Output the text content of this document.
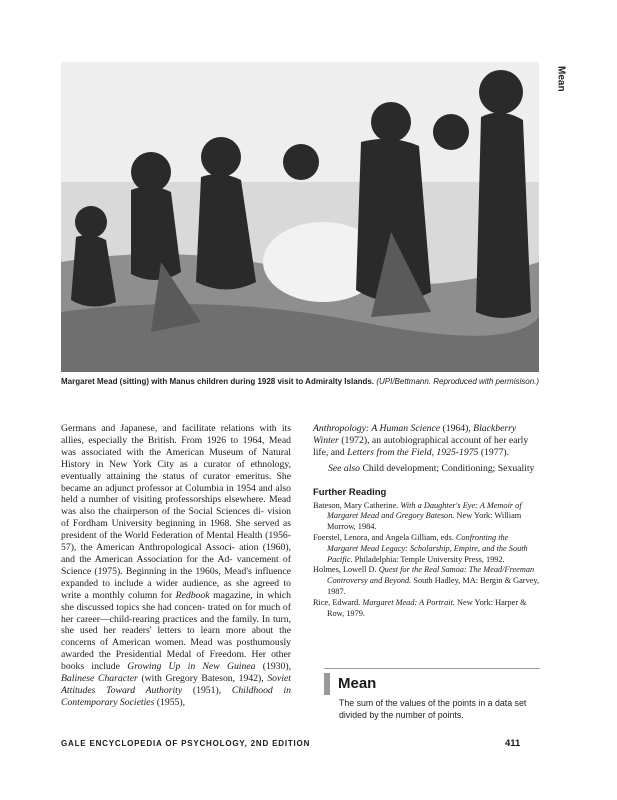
Mean
Margaret Mead (sitting) with Manus children during 1928 visit to Admiralty Islands. (UPI/Bettmann. Reproduced with permisison.)

Germans and Japanese, and facilitate relations with its allies, especially the British. From 1926 to 1964, Mead was associated with the American Museum of Natural History in New York City as a curator of ethnology, eventually attaining the status of curator emeritus. She became an adjunct professor at Columbia in 1954 and also held a number of visiting professorships elsewhere. Mead was also the chairperson of the Social Sciences di- vision of Fordham University beginning in 1968. She served as president of the World Federation of Mental Health (1956-57), the American Anthropological Associ- ation (1960), and the American Association for the Ad- vancement of Science (1975). Beginning in the 1960s, Mead's influence expanded to include a wider audience, as she agreed to write a monthly column for Redbook magazine, in which she discussed topics she had concen- trated on for much of her career—child-rearing practices and the family. In turn, she used her readers' letters to learn more about the concerns of American women. Mead was posthumously awarded the Presidential Medal of Freedom. Her other books include Growing Up in New Guinea (1930), Balinese Character (with Gregory Bateson, 1942), Soviet Attitudes Toward Authority (1951), Childhood in Contemporary Societies (1955),

Anthropology: A Human Science (1964), Blackberry Winter (1972), an autobiographical account of her early life, and Letters from the Field, 1925-1975 (1977).

See also Child development; Conditioning; Sexuality

Further Reading

Bateson, Mary Catherine. With a Daughter's Eye: A Memoir of Margaret Mead and Gregory Bateson. New York: William Morrow, 1984.

Foerstel, Lenora, and Angela Gilliam, eds. Confronting the Margaret Mead Legacy: Scholarship, Empire, and the South Pacific. Philadelphia: Temple University Press, 1992.

Holmes, Lowell D. Quest for the Real Samoa: The Mead/Freeman Controversy and Beyond. South Hadley, MA: Bergin & Garvey, 1987.

Rice, Edward. Margaret Mead: A Portrait. New York: Harper & Row, 1979.

Mean
The sum of the values of the points in a data set divided by the number of points.
GALE ENCYCLOPEDIA OF PSYCHOLOGY, 2ND EDITION	411
